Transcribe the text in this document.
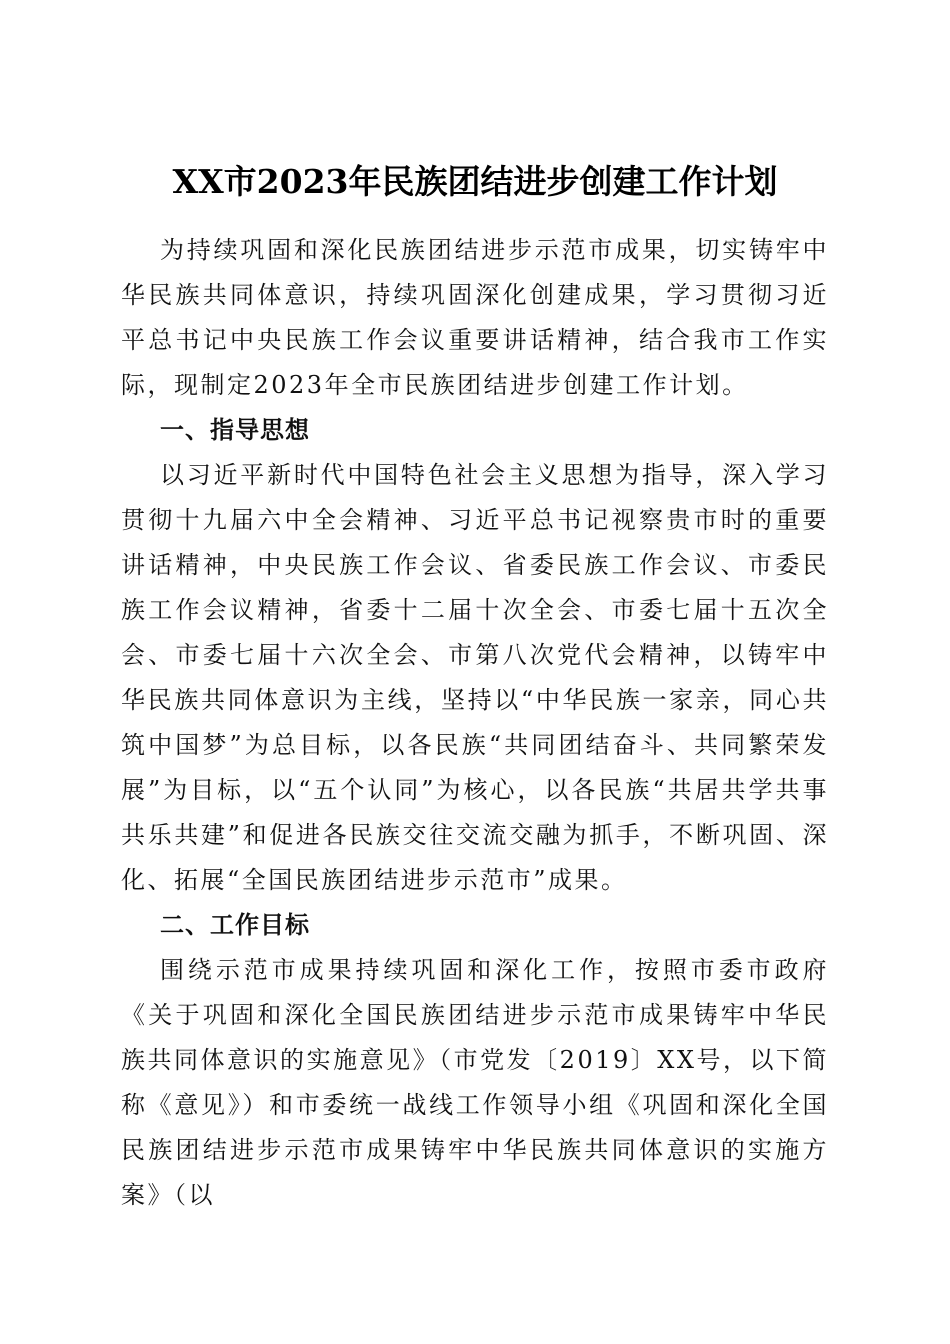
XX市2023年民族团结进步创建工作计划

为持续巩固和深化民族团结进步示范市成果，切实铸牢中华民族共同体意识，持续巩固深化创建成果，学习贯彻习近平总书记中央民族工作会议重要讲话精神，结合我市工作实际，现制定2023年全市民族团结进步创建工作计划。

一、指导思想

以习近平新时代中国特色社会主义思想为指导，深入学习贯彻十九届六中全会精神、习近平总书记视察贵市时的重要讲话精神，中央民族工作会议、省委民族工作会议、市委民族工作会议精神，省委十二届十次全会、市委七届十五次全会、市委七届十六次全会、市第八次党代会精神，以铸牢中华民族共同体意识为主线，坚持以“中华民族一家亲，同心共筑中国梦”为总目标，以各民族“共同团结奋斗、共同繁荣发展”为目标，以“五个认同”为核心，以各民族“共居共学共事共乐共建”和促进各民族交往交流交融为抓手，不断巩固、深化、拓展“全国民族团结进步示范市”成果。

二、工作目标

围绕示范市成果持续巩固和深化工作，按照市委市政府《关于巩固和深化全国民族团结进步示范市成果铸牢中华民族共同体意识的实施意见》（市党发〔2019〕XX号，以下简称《意见》）和市委统一战线工作领导小组《巩固和深化全国民族团结进步示范市成果铸牢中华民族共同体意识的实施方案》（以
